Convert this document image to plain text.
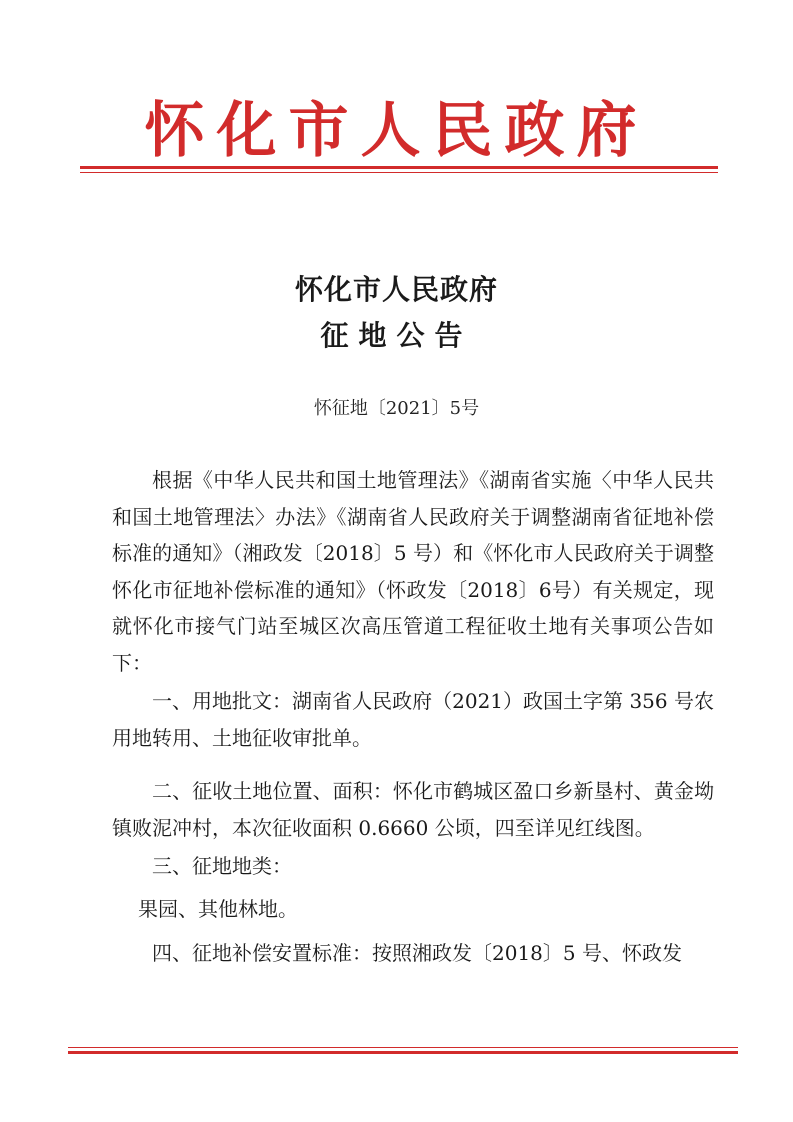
怀化市人民政府
怀化市人民政府
征地公告
怀征地〔2021〕5号

根据《中华人民共和国土地管理法》《湖南省实施〈中华人民共和国土地管理法〉办法》《湖南省人民政府关于调整湖南省征地补偿标准的通知》（湘政发〔2018〕5 号）和《怀化市人民政府关于调整怀化市征地补偿标准的通知》（怀政发〔2018〕6号）有关规定，现就怀化市接气门站至城区次高压管道工程征收土地有关事项公告如下：

一、用地批文：湖南省人民政府（2021）政国土字第 356 号农用地转用、土地征收审批单。

二、征收土地位置、面积：怀化市鹤城区盈口乡新垦村、黄金坳镇败泥冲村，本次征收面积 0.6660 公顷，四至详见红线图。

三、征地地类：

果园、其他林地。

四、征地补偿安置标准：按照湘政发〔2018〕5 号、怀政发
